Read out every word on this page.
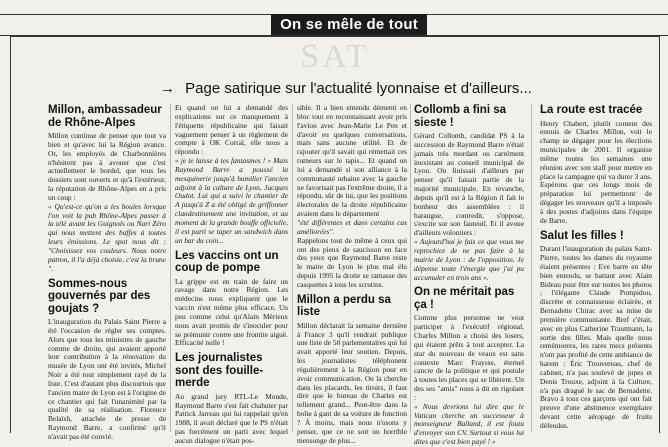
On se mêle de tout
SAT
→ Page satirique sur l'actualité lyonnaise et d'ailleurs...
Millon, ambassadeur de Rhône-Alpes

Millon continue de penser que tout va bien et qu'avec lui la Région avance. Or, les employés de Charbonnières n'hésitent pas à avouer que c'est actuellement le bordel, que tous les dossiers sont ouverts et qu'à l'extérieur, la réputation de Rhône-Alpes en a pris un coup :

« Qu'est-ce qu'on a les boules lorsque l'on voit la pub Rhône-Alpes passer à la télé avant les Guignols ou Nari Zéro qui nous mettent des baffes à toutes leurs émissions. Le spot nous dit : "Choisissez vos couleurs. Nous notre patron, il l'a déjà choisie, c'est la brune ".

Sommes-nous gouvernés par des goujats ?

L'inauguration du Palais Saint Pierre a été l'occasion de régler ses comptes. Alors que tous les ministres de gauche comme de droite, qui avaient apporté leur contribution à la rénovation du musée de Lyon ont été invités, Michel Noir a été tout simplement rayé de la liste. C'est d'autant plus discourtois que l'ancien maire de Lyon est à l'origine de ce chantier qui fait l'unanimité par la qualité de sa réalisation. Florence Belaïsh, attachée de presse de Raymond Barre, a confirmé qu'il n'avait pas été convié.

Et quand on lui a demandé des explications sur ce manquement à l'étiquette républicaine qui faisait vaguement penser à un règlement de compte à OK Corral, elle nous a répondu :

« je te laisse à tes fantasmes ! » Mais Raymond Barre a poussé la mesquinerie jusqu'à humilier l'ancien adjoint à la culture de Lyon, Jacques Oudot. Lui qui a suivi le chantier de A jusqu'à Z a été obligé de griffonner clandestinement une invitation, et au moment de la grande bouffe officielle, il est parti se taper un sandwich dans un bar du coin...

Les vaccins ont un coup de pompe

La grippe est en train de faire un ravage dans notre Région. Les médecins nous expliquent que le vaccin n'est même plus efficace. Un peu comme celui qu'Alain Mérieux nous avait promis de s'inoculer pour se prémunir contre une frontite aiguë. Efficacité nulle !

Les journalistes sont des fouille-merde

Au grand jury RTL-Le Monde, Raymond Barre s'est fait chahuter par Patrick Jarreau qui lui rappelait qu'en 1988, il avait déclaré que le PS n'était pas forcément un parti avec lequel aucun dialogue n'était pos-

sible. Il a bien entendu démenti en bloc tout en reconnaissant avoir pris l'avion avec Jean-Marie Le Pen et d'avoir eu quelques conversations, mais sans aucune utilité. Et de rajouter qu'il savait qui rémettait ces rumeurs sur le tapis... Et quand on lui a demandé si son alliance à la communauté urbaine avec la gauche ne favorisait pas l'extrême droite, il a répondu, sûr de lui, que les positions électorales de la droite républicaine avaient dans le département

"été différentes et dans certains cas améliorées".

Rappelons tout de même à ceux qui ont des pieux de saucisson en face des yeux que Raymond Barre reste le maire de Lyon le plus mal élu depuis 1995 la droite se ramasse des casquettes à tous les scrutins.

Millon a perdu sa liste

Millon déclarait la semaine dernière à France 3 qu'il rendrait publique une liste de 50 parlementaires qui lui avait apporté leur soutien. Depuis, les journalistes téléphonent régulièrement à la Région pour en avoir communication. On la cherche dans les placards, les tiroirs, il faut dire que le bureau de Charles est tellement grand... Peut-être dans la boîte à gant de sa voiture de fonction ? À moins, mais nous n'osons y penser, que ce ne soit un horrible mensonge de plus...

Collomb a fini sa sieste !

Gérard Collomb, candidat PS à la succession de Raymond Barre n'était jamais très mordant ou carrément inexistant au conseil municipal de Lyon. On finissait d'ailleurs par penser qu'il faisait partie de la majorité municipale. En revanche, depuis qu'il est à la Région il fait le bonheur des assemblées : il harangue, contredit, s'oppose, s'excite sur son fauteuil. Et il avoue d'ailleurs volontiers :

« Aujourd'hui je fais ce que vous me reprochiez de ne pas faire à la mairie de Lyon : de l'opposition. Je dépense toute l'énergie que j'ai pu accumuler en trois ans ».

On ne méritait pas ça !

Comme plus personne ne veut participer à l'exécutif régional, Charles Millon a choisi des losers, qui étaient prêts à tout accepter. La star du nouveau de veaux est sans contexte Marc Fraysse, éternel cancre de la politique et qui postule à toutes les places qui se libèrent. Un des ses "amis" nous a dit en rigolant :

« Nous devrions lui dire que le Vatican cherche un successeur à monseigneur Balland, il est foutu d'envoyer son CV. Surtout si vous lui dites que c'est bien payé ! »

La route est tracée

Henry Chabert, plutôt content des ennuis de Charles Millon, voit le champ se dégager pour les élections municipales de 2001. Il organise même toutes les semaines une réunion avec son staff pour mettre en place la campagne qui va durer 3 ans. Espérons que ces longs mois de préparation lui permettront de dégager les nouveaux qu'il a imposés à des postes d'adjoints dans l'équipe de Barre.

Salut les filles !

Durant l'inauguration du palais Saint-Pierre, toutes les dames du royaume étaient présentes : Eve barre en tête bien entendu, se battant avec Alain Bideau pour être sur toutes les photos ; l'élégante Claude Pompidou, discrète et connaisseuse éclairée, et Bernadette Chirac avec sa mine de première communiante. Bref c'était, avec en plus Catherine Trautmann, la sortie des filles. Mais quelle nous remémorera, les rares mecs présents n'ont pas profité de cette ambiance de harem : Éric Trouvereau, chef de cabinet, n'a pas soulevé de jupes et Denis Trouxe, adjoint à la Culture, n'a pas dragué le sac de Bernadette. Bravo à tous ces garçons qui ont fait preuve d'une abstinence exemplaire devant cette aéropage de fruits défendus.
